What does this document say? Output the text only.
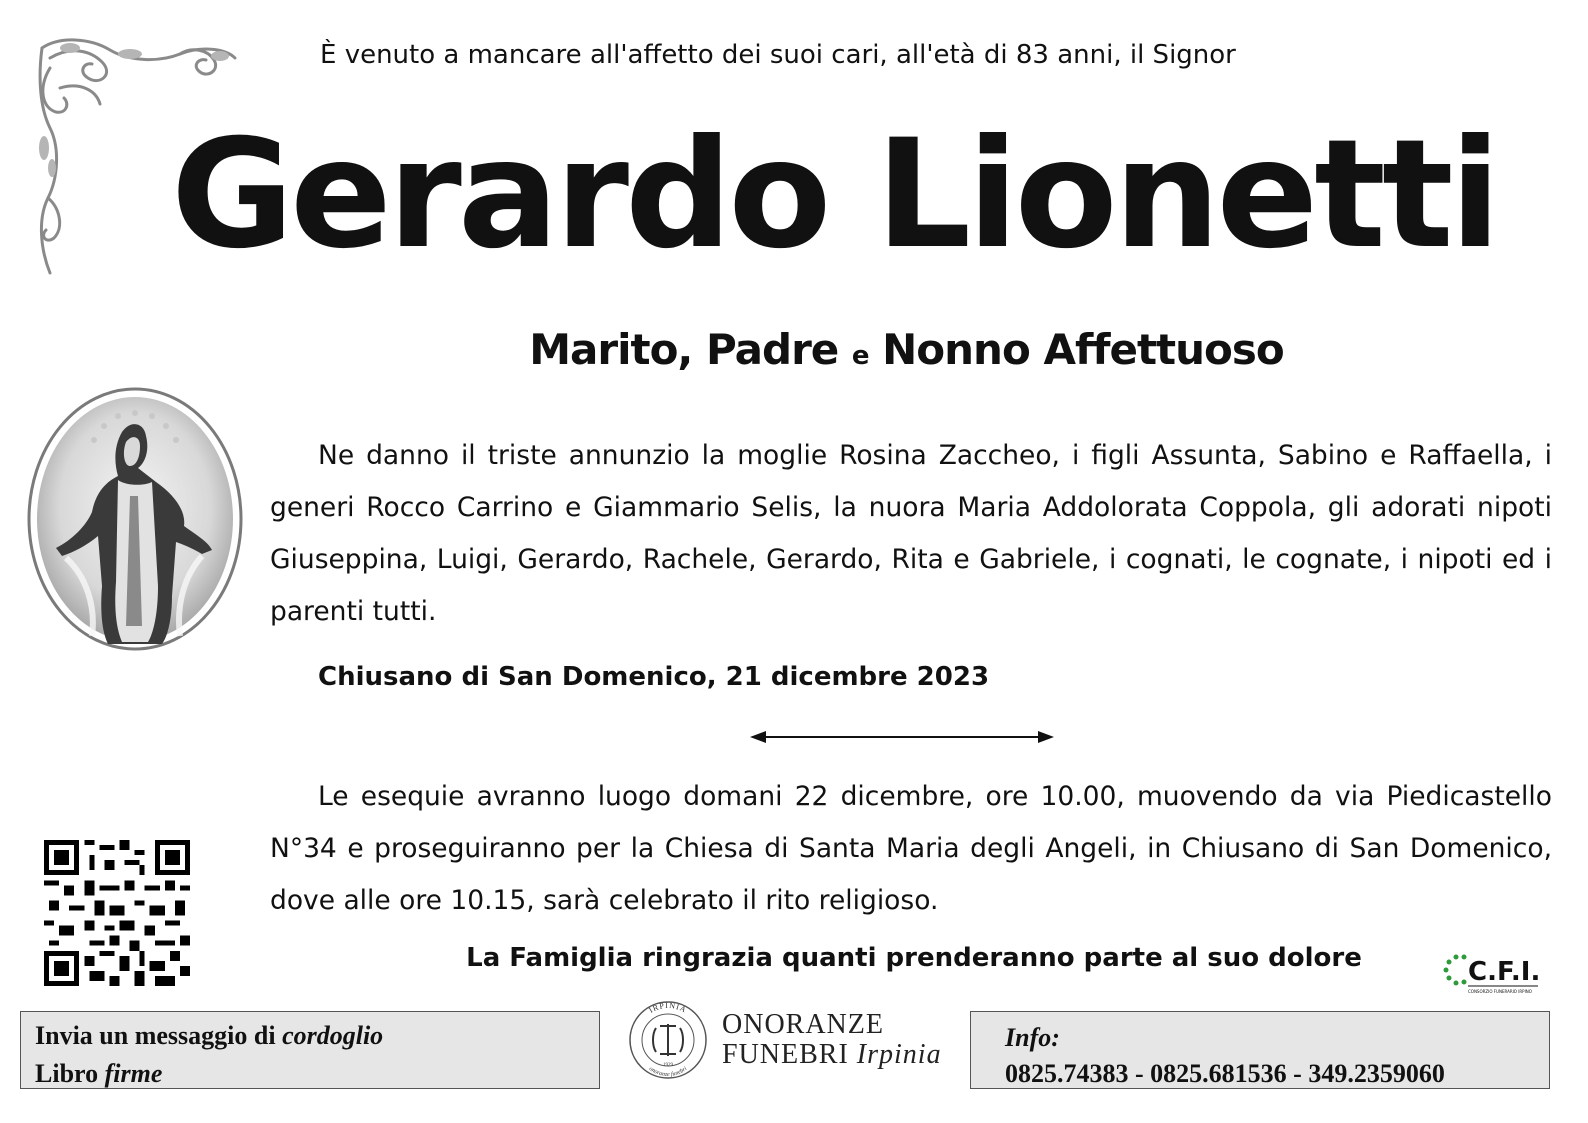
È venuto a mancare all'affetto dei suoi cari, all'età di 83 anni, il Signor
Gerardo Lionetti
Marito, Padre e Nonno Affettuoso
Ne danno il triste annunzio la moglie Rosina Zaccheo, i figli Assunta, Sabino e Raffaella, i generi Rocco Carrino e Giammario Selis, la nuora Maria Addolorata Coppola, gli adorati nipoti Giuseppina, Luigi, Gerardo, Rachele, Gerardo, Rita e Gabriele, i cognati, le cognate, i nipoti ed i parenti tutti.
Chiusano di San Domenico, 21 dicembre 2023
Le esequie avranno luogo domani 22 dicembre, ore 10.00, muovendo da via Piedicastello N°34 e proseguiranno per la Chiesa di Santa Maria degli Angeli, in Chiusano di San Domenico, dove alle ore 10.15, sarà celebrato il rito religioso.
La Famiglia ringrazia quanti prenderanno parte al suo dolore	C.F.I.
CONSORZIO FUNERARIO IRPINO
Invia un messaggio di cordoglio
Libro firme
IRPINIA
onoranze funebri
1929
ONORANZE
FUNEBRI Irpinia
Info:
0825.74383 - 0825.681536 - 349.2359060
